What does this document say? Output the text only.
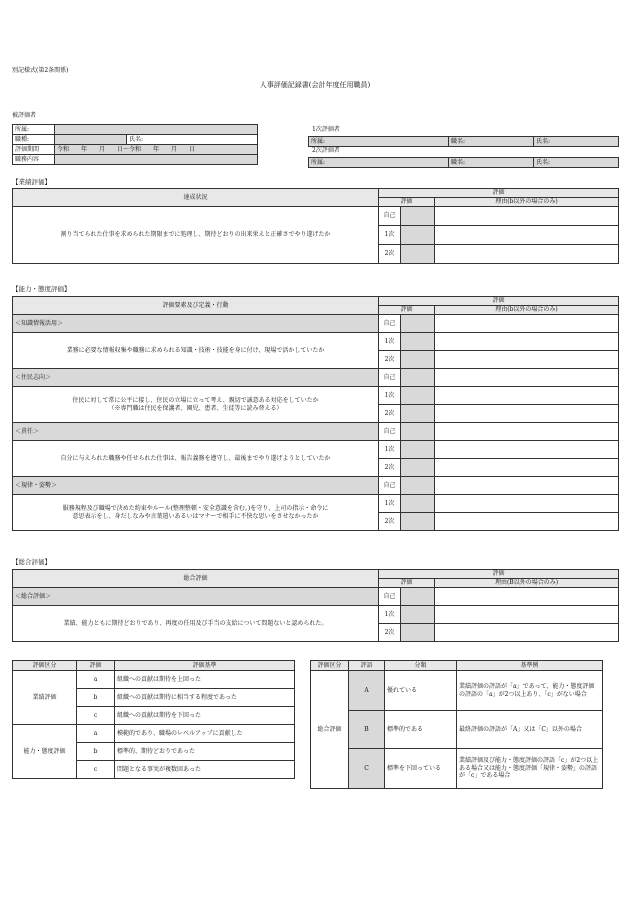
別記様式(第2条関係)
人事評価記録書(会計年度任用職員)
被評価者
所属:		
職種:		氏名:
評価期間	令和　　年　　月　　日～令和　　年　　月　　日	
職務内容		
1次評価者
所属:	職名:	氏名:
2次評価者
所属:	職名:	氏名:
【業績評価】
達成状況	評価		
	評価		理由(b以外の場合のみ)
割り当てられた仕事を求められた期限までに処理し、期待どおりの出来栄えと正確さでやり遂げたか	自己		
	1次		
	2次		
【能力・態度評価】
評価要素及び定義・行動	評価		
	評価		理由(b以外の場合のみ)
＜知識情報活用＞	自己		
業務に必要な情報収集や職務に求められる知識・技術・技能を身に付け、現場で活かしていたか	1次		
	2次		
＜住民志向＞	自己		
住民に対して常に公平に接し、住民の立場に立って考え、親切で誠意ある対応をしていたか
（※専門職は住民を保護者、園児、患者、生徒等に読み替える）	1次		
	2次		
＜責任＞	自己		
自分に与えられた職務や任せられた仕事は、報告義務を遵守し、最後までやり遂げようとしていたか	1次		
	2次		
＜規律・姿勢＞	自己		
服務規程及び職場で決めた約束やルール(整理整頓・安全意識を含む。)を守り、上司の指示・命令に
意思表示をし、身だしなみや言葉遣いあるいはマナーで相手に不快な思いをさせなかったか	1次		
	2次		
【総合評価】
総合評価	評価		
	評価		理由(B以外の場合のみ)
＜総合評価＞	自己		
業績、能力ともに期待どおりであり、再度の任用及び手当の支給について問題ないと認められた。	1次		
	2次		
評価区分	評価	評価基準
業績評価	a	組織への貢献は期待を上回った
	b	組織への貢献は期待に相当する程度であった
	c	組織への貢献は期待を下回った
能力・態度評価	a	模範的であり、職場のレベルアップに貢献した
	b	標準的、期待どおりであった
	c	問題となる事実が複数回あった
評価区分	評語	分類	基準例
総合評価	A	優れている	業績評価の評語が「a」であって、能力・態度評価の評語の「a」が2つ以上あり、「c」がない場合
	B	標準的である	最終評価の評語が「A」又は「C」以外の場合
	C	標準を下回っている	業績評価及び能力・態度評価の評語「c」が2つ以上ある場合又は能力・態度評価「規律・姿勢」の評語が「c」である場合
